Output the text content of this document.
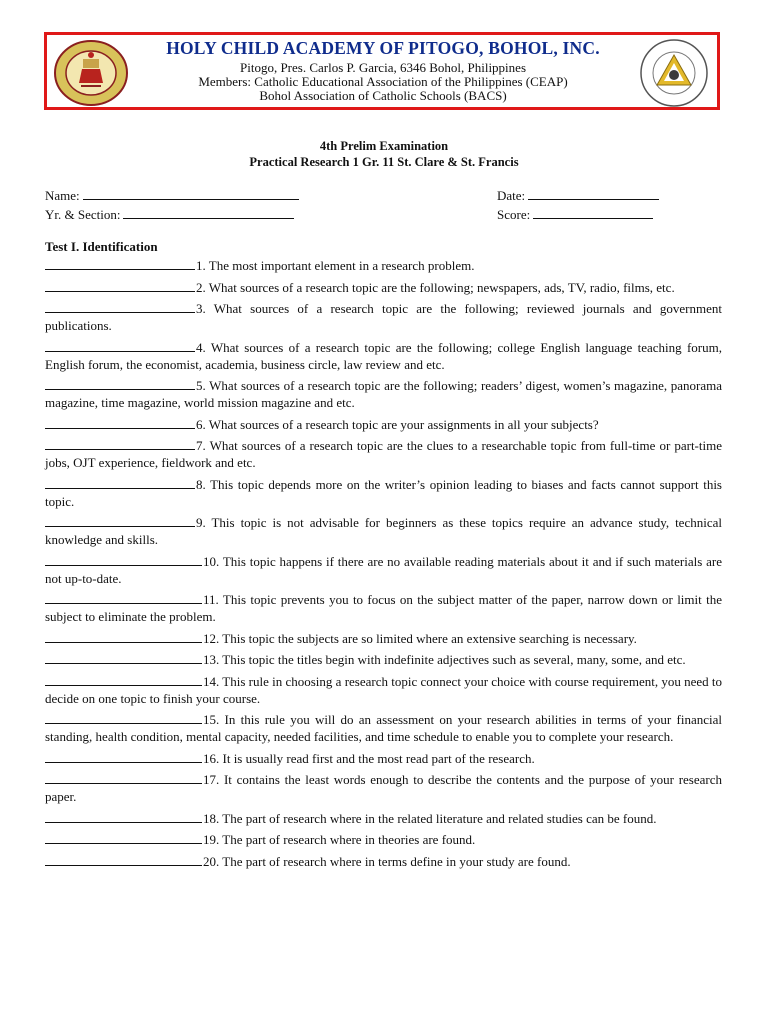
HOLY CHILD ACADEMY OF PITOGO, BOHOL, INC.
Pitogo, Pres. Carlos P. Garcia, 6346 Bohol, Philippines
Members: Catholic Educational Association of the Philippines (CEAP)
Bohol Association of Catholic Schools (BACS)
4th Prelim Examination
Practical Research 1 Gr. 11 St. Clare & St. Francis
Name:	Date:
Yr. & Section:	Score:
Test I. Identification
1. The most important element in a research problem.
2. What sources of a research topic are the following; newspapers, ads, TV, radio, films, etc.
3. What sources of a research topic are the following; reviewed journals and government publications.
4. What sources of a research topic are the following; college English language teaching forum, English forum, the economist, academia, business circle, law review and etc.
5. What sources of a research topic are the following; readers’ digest, women’s magazine, panorama magazine, time magazine, world mission magazine and etc.
6. What sources of a research topic are your assignments in all your subjects?
7. What sources of a research topic are the clues to a researchable topic from full-time or part-time jobs, OJT experience, fieldwork and etc.
8. This topic depends more on the writer’s opinion leading to biases and facts cannot support this topic.
9. This topic is not advisable for beginners as these topics require an advance study, technical knowledge and skills.
10. This topic happens if there are no available reading materials about it and if such materials are not up-to-date.
11. This topic prevents you to focus on the subject matter of the paper, narrow down or limit the subject to eliminate the problem.
12. This topic the subjects are so limited where an extensive searching is necessary.
13. This topic the titles begin with indefinite adjectives such as several, many, some, and etc.
14. This rule in choosing a research topic connect your choice with course requirement, you need to decide on one topic to finish your course.
15. In this rule you will do an assessment on your research abilities in terms of your financial standing, health condition, mental capacity, needed facilities, and time schedule to enable you to complete your research.
16. It is usually read first and the most read part of the research.
17. It contains the least words enough to describe the contents and the purpose of your research paper.
18. The part of research where in the related literature and related studies can be found.
19. The part of research where in theories are found.
20. The part of research where in terms define in your study are found.
